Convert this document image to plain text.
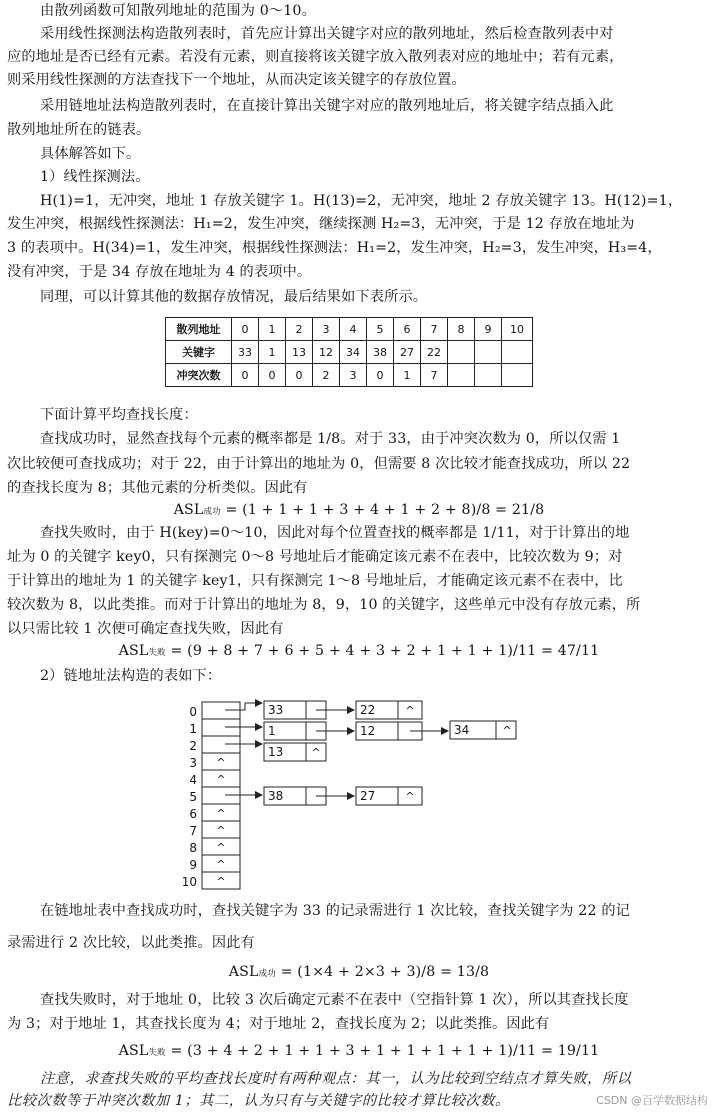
由散列函数可知散列地址的范围为 0～10。
采用线性探测法构造散列表时，首先应计算出关键字对应的散列地址，然后检查散列表中对
应的地址是否已经有元素。若没有元素，则直接将该关键字放入散列表对应的地址中；若有元素，
则采用线性探测的方法查找下一个地址，从而决定该关键字的存放位置。
采用链地址法构造散列表时，在直接计算出关键字对应的散列地址后，将关键字结点插入此
散列地址所在的链表。
具体解答如下。
1）线性探测法。
H(1)=1，无冲突，地址 1 存放关键字 1。H(13)=2，无冲突，地址 2 存放关键字 13。H(12)=1，
发生冲突，根据线性探测法：H₁=2，发生冲突，继续探测 H₂=3，无冲突，于是 12 存放在地址为
3 的表项中。H(34)=1，发生冲突，根据线性探测法：H₁=2，发生冲突，H₂=3，发生冲突，H₃=4，
没有冲突，于是 34 存放在地址为 4 的表项中。
同理，可以计算其他的数据存放情况，最后结果如下表所示。
散列地址	0	1	2	3	4	5	6	7	8	9	10
关键字	33	1	13	12	34	38	27	22			
冲突次数	0	0	0	2	3	0	1	7			
下面计算平均查找长度：
查找成功时，显然查找每个元素的概率都是 1/8。对于 33，由于冲突次数为 0，所以仅需 1
次比较便可查找成功；对于 22，由于计算出的地址为 0，但需要 8 次比较才能查找成功，所以 22
的查找长度为 8；其他元素的分析类似。因此有
ASL成功 = (1 + 1 + 1 + 3 + 4 + 1 + 2 + 8)/8 = 21/8
查找失败时，由于 H(key)=0～10，因此对每个位置查找的概率都是 1/11，对于计算出的地
址为 0 的关键字 key0，只有探测完 0～8 号地址后才能确定该元素不在表中，比较次数为 9；对
于计算出的地址为 1 的关键字 key1，只有探测完 1～8 号地址后，才能确定该元素不在表中，比
较次数为 8，以此类推。而对于计算出的地址为 8，9，10 的关键字，这些单元中没有存放元素，所
以只需比较 1 次便可确定查找失败，因此有
ASL失败 = (9 + 8 + 7 + 6 + 5 + 4 + 3 + 2 + 1 + 1 + 1)/11 = 47/11
2）链地址法构造的表如下：
0
1
2
3
4
5
6
7
8
9
10
^
^
^
^
^
^
^
33	22	^
1	12	34	^
13	^
38	27	^
在链地址表中查找成功时，查找关键字为 33 的记录需进行 1 次比较，查找关键字为 22 的记
录需进行 2 次比较，以此类推。因此有
ASL成功 = (1×4 + 2×3 + 3)/8 = 13/8
查找失败时，对于地址 0，比较 3 次后确定元素不在表中（空指针算 1 次），所以其查找长度
为 3；对于地址 1，其查找长度为 4；对于地址 2，查找长度为 2；以此类推。因此有
ASL失败 = (3 + 4 + 2 + 1 + 1 + 3 + 1 + 1 + 1 + 1 + 1)/11 = 19/11
注意，求查找失败的平均查找长度时有两种观点：其一，认为比较到空结点才算失败，所以
比较次数等于冲突次数加 1；其二，认为只有与关键字的比较才算比较次数。	CSDN @百学数据结构
